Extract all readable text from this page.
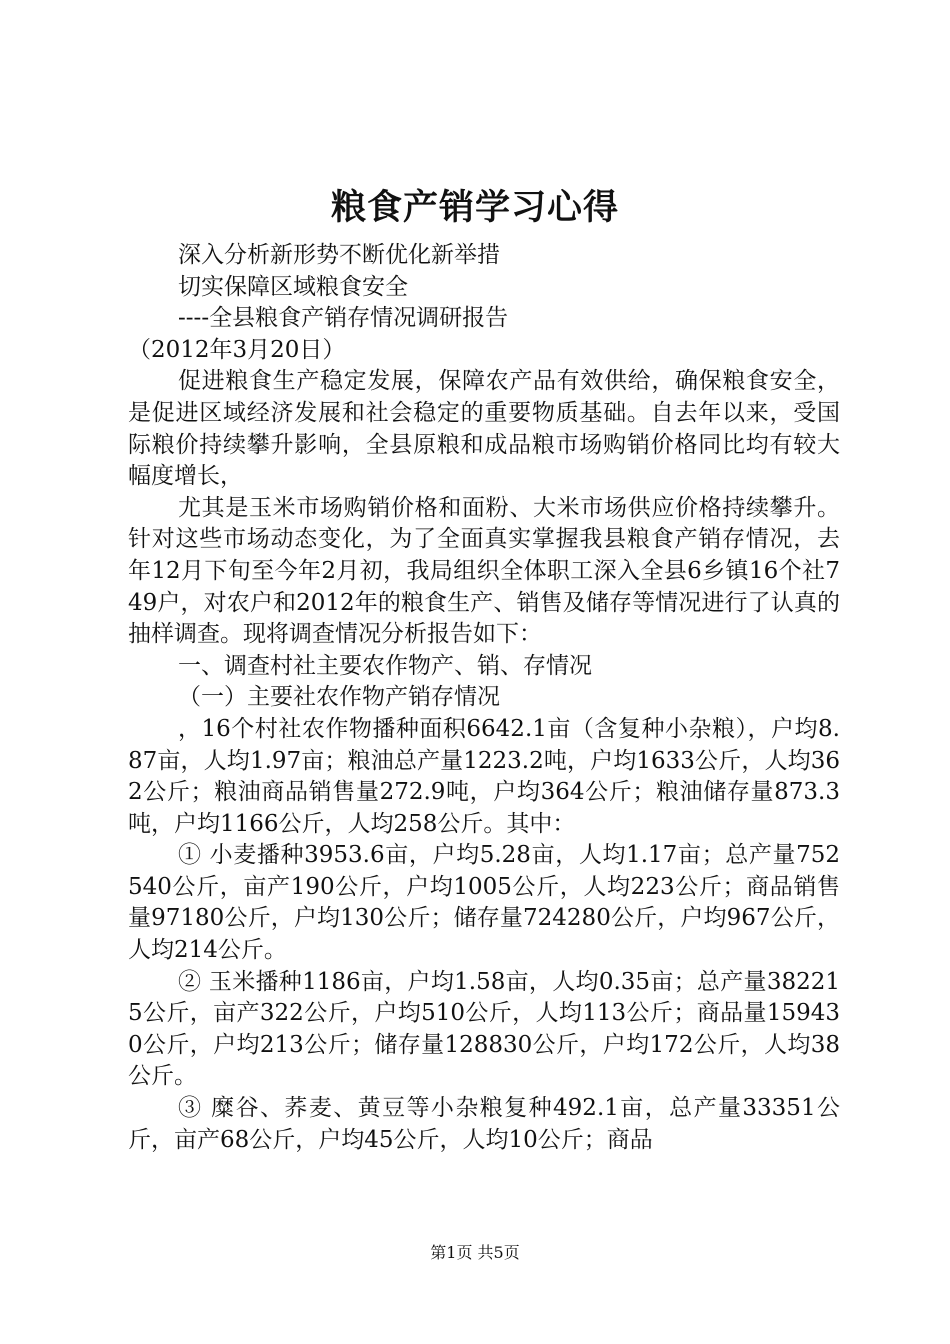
粮食产销学习心得

深入分析新形势不断优化新举措

切实保障区域粮食安全

----全县粮食产销存情况调研报告

（2012年3月20日）

促进粮食生产稳定发展，保障农产品有效供给，确保粮食安全，是促进区域经济发展和社会稳定的重要物质基础。自去年以来，受国际粮价持续攀升影响，全县原粮和成品粮市场购销价格同比均有较大幅度增长，

尤其是玉米市场购销价格和面粉、大米市场供应价格持续攀升。针对这些市场动态变化，为了全面真实掌握我县粮食产销存情况，去年12月下旬至今年2月初，我局组织全体职工深入全县6乡镇16个社749户，对农户和2012年的粮食生产、销售及储存等情况进行了认真的抽样调查。现将调查情况分析报告如下：

一、调查村社主要农作物产、销、存情况

（一）主要社农作物产销存情况

，16个村社农作物播种面积6642.1亩（含复种小杂粮），户均8.87亩，人均1.97亩；粮油总产量1223.2吨，户均1633公斤，人均362公斤；粮油商品销售量272.9吨，户均364公斤；粮油储存量873.3吨，户均1166公斤，人均258公斤。其中：

① 小麦播种3953.6亩，户均5.28亩，人均1.17亩；总产量752540公斤，亩产190公斤，户均1005公斤，人均223公斤；商品销售量97180公斤，户均130公斤；储存量724280公斤，户均967公斤，人均214公斤。

② 玉米播种1186亩，户均1.58亩，人均0.35亩；总产量382215公斤，亩产322公斤，户均510公斤，人均113公斤；商品量159430公斤，户均213公斤；储存量128830公斤，户均172公斤，人均38公斤。

③ 糜谷、荞麦、黄豆等小杂粮复种492.1亩，总产量33351公斤，亩产68公斤，户均45公斤，人均10公斤；商品

第1页 共5页
